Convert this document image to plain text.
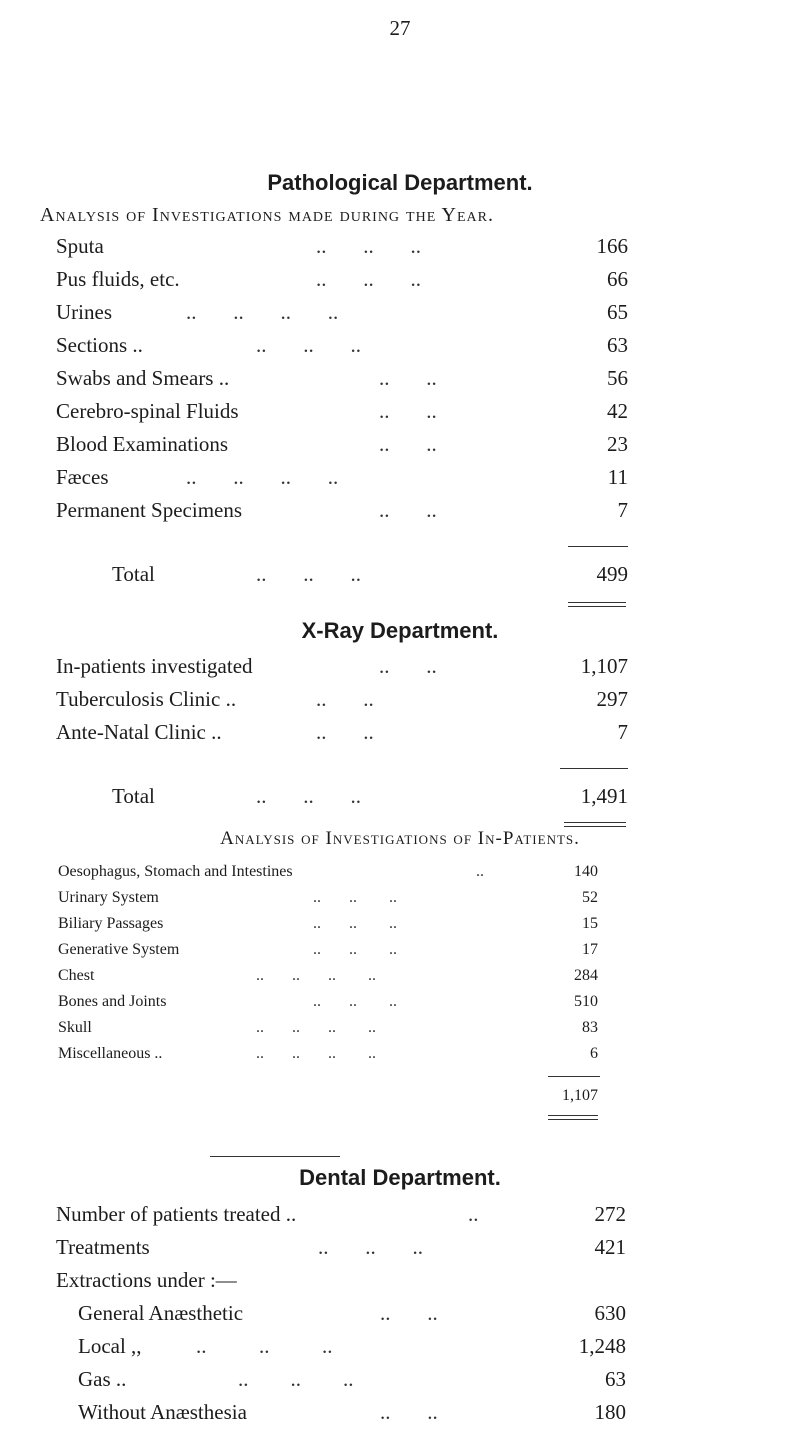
27
Pathological Department.
Analysis of Investigations made during the Year.
Sputa	..       ..       ..	166
Pus fluids, etc.	..       ..       ..	66
Urines	..       ..       ..       ..	65
Sections ..	..       ..       ..	63
Swabs and Smears ..	..       ..	56
Cerebro-spinal Fluids	..       ..	42
Blood Examinations	..       ..	23
Fæces	..       ..       ..       ..	11
Permanent Specimens	..       ..	7
Total	..       ..       ..	499
X-Ray Department.
In-patients investigated	..       ..	1,107
Tuberculosis Clinic ..	..       ..	297
Ante-Natal Clinic ..	..       ..	7
Total	..       ..       ..	1,491
Analysis of Investigations of In-Patients.
Oesophagus, Stomach and Intestines	..	140
Urinary System	..       ..        ..	52
Biliary Passages	..       ..        ..	15
Generative System	..       ..        ..	17
Chest	..       ..       ..        ..	284
Bones and Joints	..       ..        ..	510
Skull	..       ..       ..        ..	83
Miscellaneous ..	..       ..       ..        ..	6
1,107
Dental Department.
Number of patients treated ..	..	272
Treatments	..       ..       ..	421
Extractions under :—
General Anæsthetic	..       ..	630
Local ,,	..          ..          ..	1,248
Gas ..	..        ..        ..	63
Without Anæsthesia	..       ..	180
